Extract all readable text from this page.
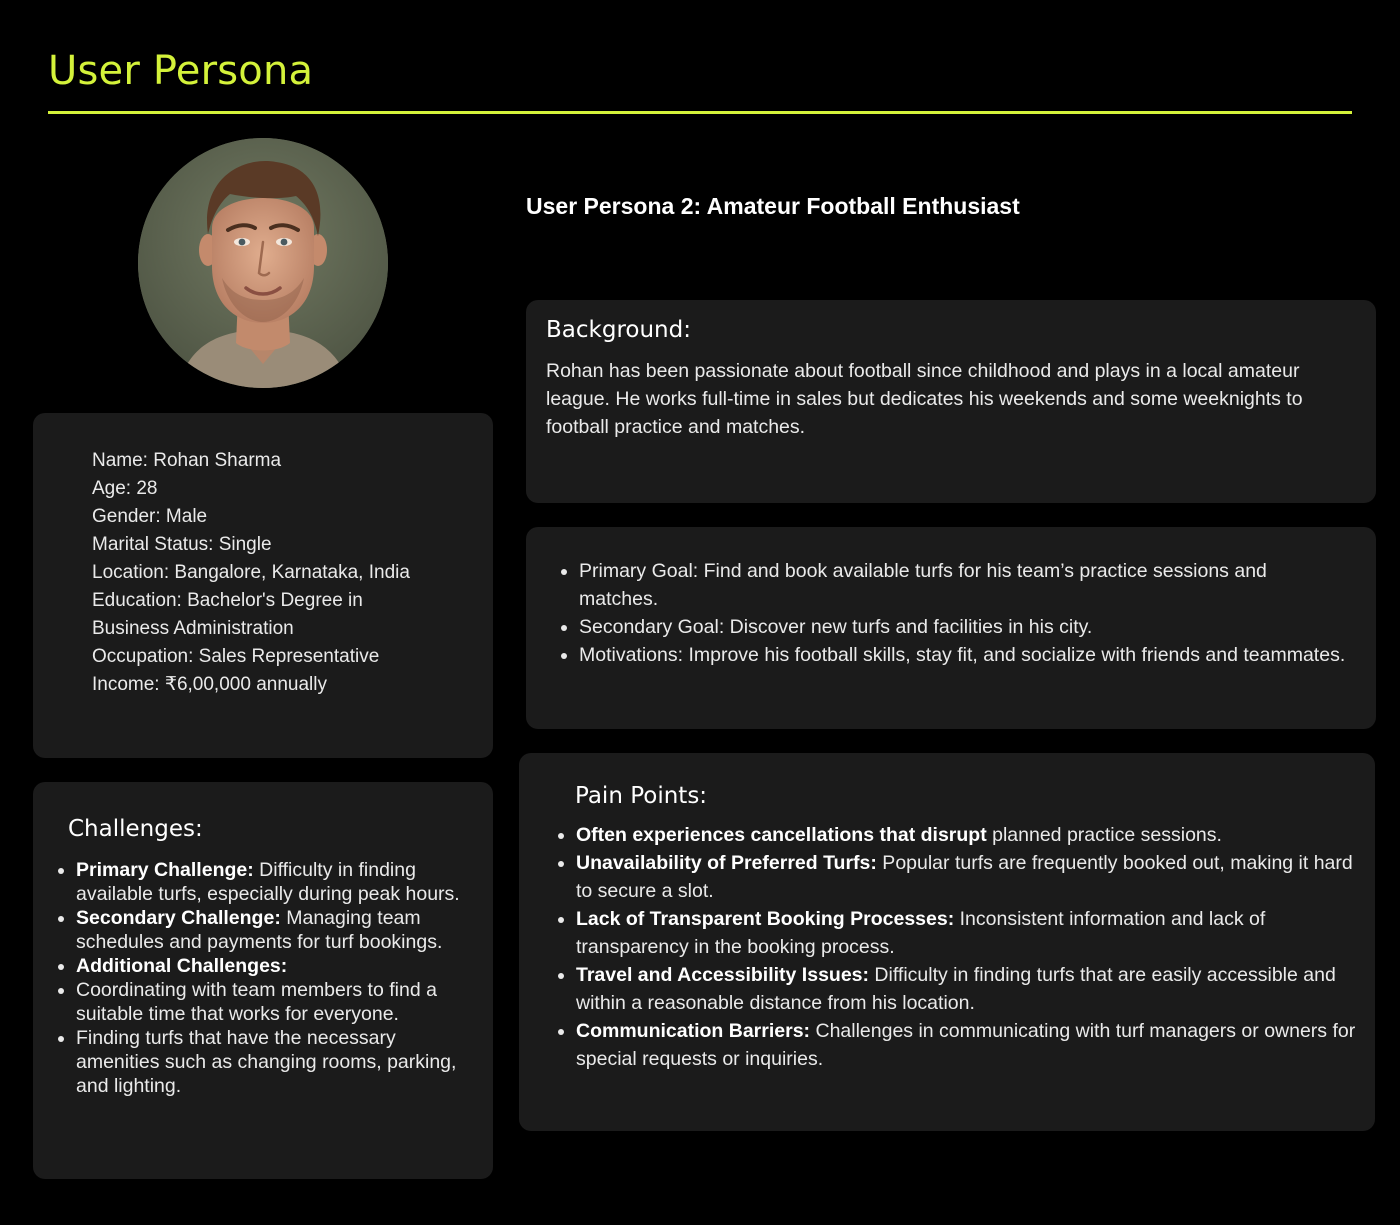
User Persona
User Persona 2: Amateur Football Enthusiast
Name: Rohan Sharma
Age: 28
Gender: Male
Marital Status: Single
Location: Bangalore, Karnataka, India
Education: Bachelor's Degree in Business Administration
Occupation: Sales Representative
Income: ₹6,00,000 annually
Challenges:
• Primary Challenge: Difficulty in finding available turfs, especially during peak hours.
• Secondary Challenge: Managing team schedules and payments for turf bookings.
• Additional Challenges:
• Coordinating with team members to find a suitable time that works for everyone.
• Finding turfs that have the necessary amenities such as changing rooms, parking, and lighting.
Background:

Rohan has been passionate about football since childhood and plays in a local amateur league. He works full-time in sales but dedicates his weekends and some weeknights to football practice and matches.

• Primary Goal: Find and book available turfs for his team’s practice sessions and matches.
• Secondary Goal: Discover new turfs and facilities in his city.
• Motivations: Improve his football skills, stay fit, and socialize with friends and teammates.
Pain Points:
• Often experiences cancellations that disrupt planned practice sessions.
• Unavailability of Preferred Turfs: Popular turfs are frequently booked out, making it hard to secure a slot.
• Lack of Transparent Booking Processes: Inconsistent information and lack of transparency in the booking process.
• Travel and Accessibility Issues: Difficulty in finding turfs that are easily accessible and within a reasonable distance from his location.
• Communication Barriers: Challenges in communicating with turf managers or owners for special requests or inquiries.
